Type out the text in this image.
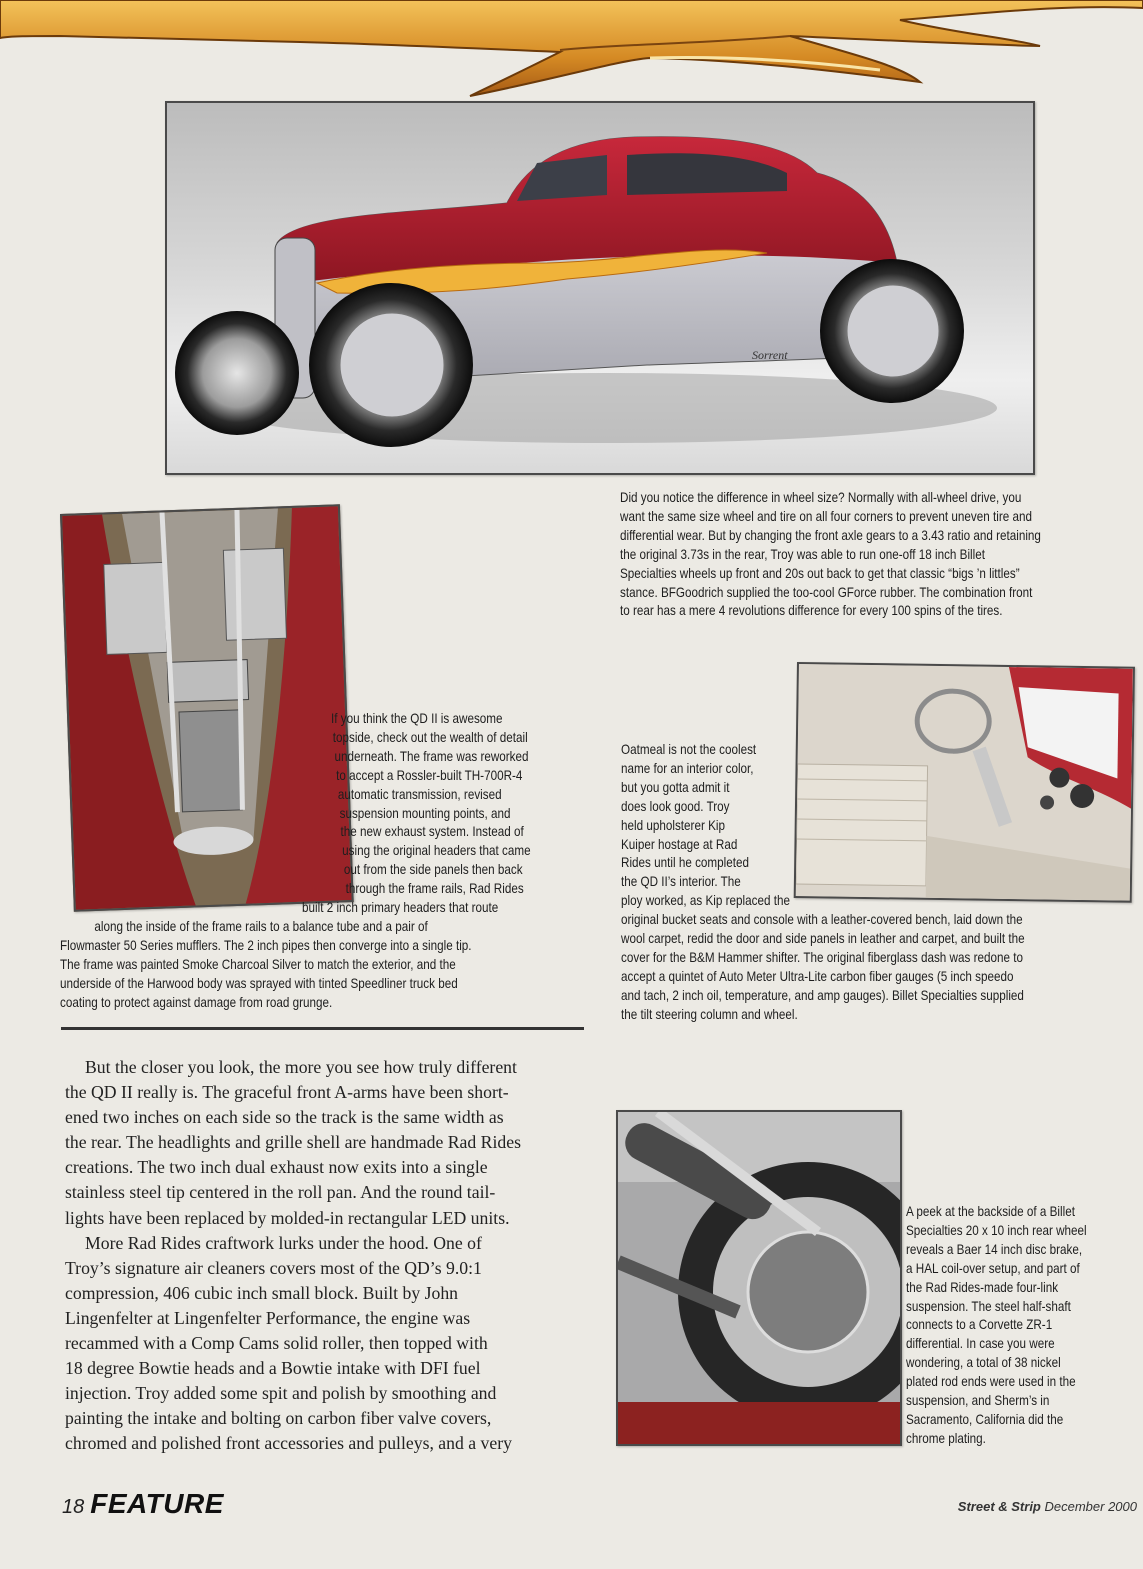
Sorrent

Did you notice the difference in wheel size? Normally with all-wheel drive, you

want the same size wheel and tire on all four corners to prevent uneven tire and

differential wear. But by changing the front axle gears to a 3.43 ratio and retaining

the original 3.73s in the rear, Troy was able to run one-off 18 inch Billet

Specialties wheels up front and 20s out back to get that classic “bigs ’n littles”

stance. BFGoodrich supplied the too-cool GForce rubber. The combination front

to rear has a mere 4 revolutions difference for every 100 spins of the tires.

If you think the QD II is awesome

topside, check out the wealth of detail

underneath. The frame was reworked

to accept a Rossler-built TH-700R-4

automatic transmission, revised

suspension mounting points, and

the new exhaust system. Instead of

using the original headers that came

out from the side panels then back

through the frame rails, Rad Rides

built 2 inch primary headers that route

along the inside of the frame rails to a balance tube and a pair of

Flowmaster 50 Series mufflers. The 2 inch pipes then converge into a single tip.

The frame was painted Smoke Charcoal Silver to match the exterior, and the

underside of the Harwood body was sprayed with tinted Speedliner truck bed

coating to protect against damage from road grunge.

Oatmeal is not the coolest

name for an interior color,

but you gotta admit it

does look good. Troy

held upholsterer Kip

Kuiper hostage at Rad

Rides until he completed

the QD II’s interior. The

ploy worked, as Kip replaced the

original bucket seats and console with a leather-covered bench, laid down the

wool carpet, redid the door and side panels in leather and carpet, and built the

cover for the B&M Hammer shifter. The original fiberglass dash was redone to

accept a quintet of Auto Meter Ultra-Lite carbon fiber gauges (5 inch speedo

and tach, 2 inch oil, temperature, and amp gauges). Billet Specialties supplied

the tilt steering column and wheel.

But the closer you look, the more you see how truly different

the QD II really is. The graceful front A-arms have been short-

ened two inches on each side so the track is the same width as

the rear. The headlights and grille shell are handmade Rad Rides

creations. The two inch dual exhaust now exits into a single

stainless steel tip centered in the roll pan. And the round tail-

lights have been replaced by molded-in rectangular LED units.

More Rad Rides craftwork lurks under the hood. One of

Troy’s signature air cleaners covers most of the QD’s 9.0:1

compression, 406 cubic inch small block. Built by John

Lingenfelter at Lingenfelter Performance, the engine was

recammed with a Comp Cams solid roller, then topped with

18 degree Bowtie heads and a Bowtie intake with DFI fuel

injection. Troy added some spit and polish by smoothing and

painting the intake and bolting on carbon fiber valve covers,

chromed and polished front accessories and pulleys, and a very

A peek at the backside of a Billet

Specialties 20 x 10 inch rear wheel

reveals a Baer 14 inch disc brake,

a HAL coil-over setup, and part of

the Rad Rides-made four-link

suspension. The steel half-shaft

connects to a Corvette ZR-1

differential. In case you were

wondering, a total of 38 nickel

plated rod ends were used in the

suspension, and Sherm’s in

Sacramento, California did the

chrome plating.

18 FEATURE	Street & Strip December 2000
